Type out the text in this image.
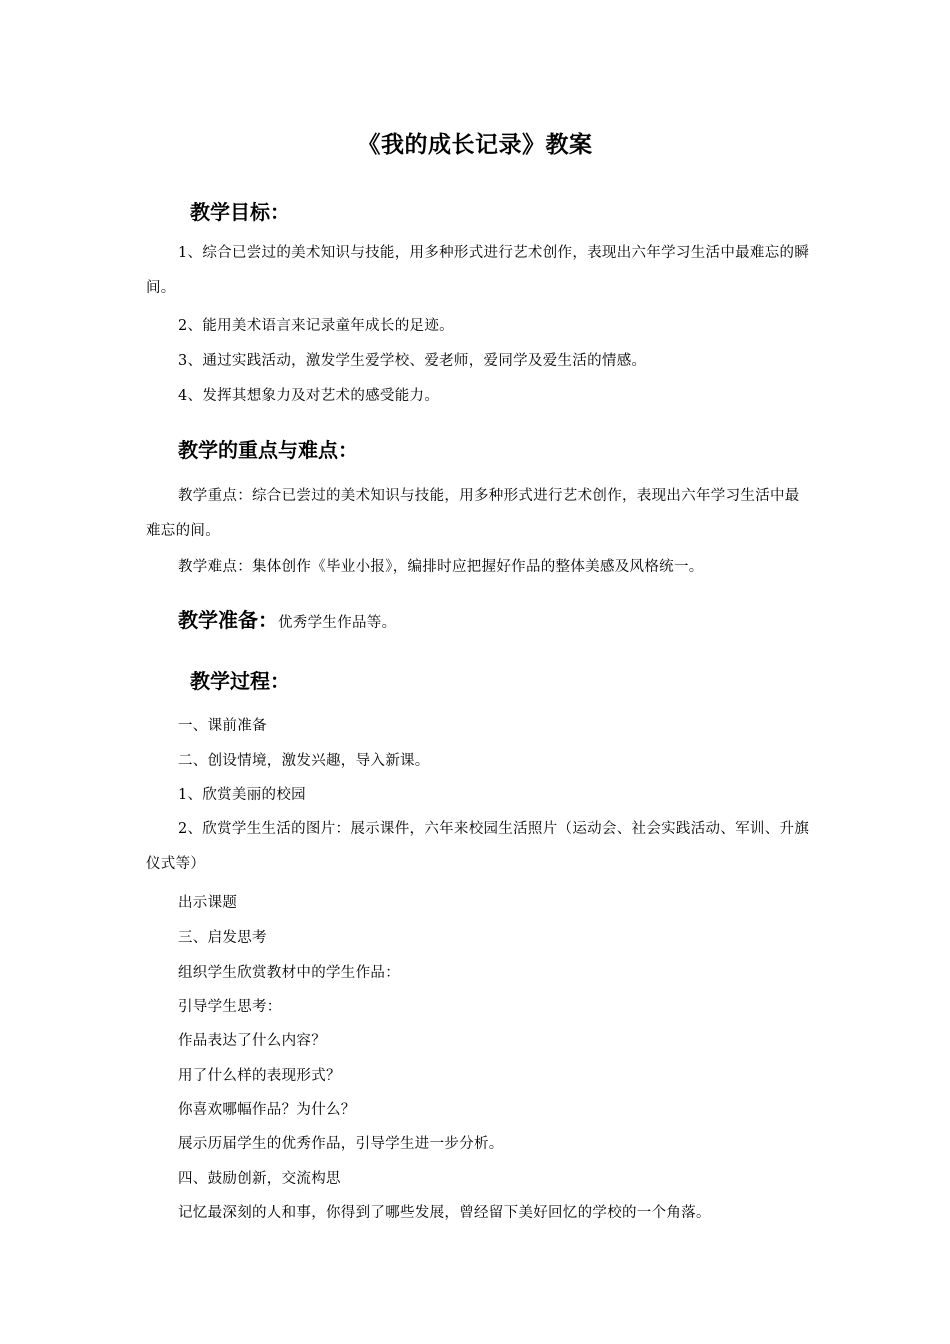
《我的成长记录》教案
教学目标：

1、综合已尝过的美术知识与技能，用多种形式进行艺术创作，表现出六年学习生活中最难忘的瞬间。

2、能用美术语言来记录童年成长的足迹。

3、通过实践活动，激发学生爱学校、爱老师，爱同学及爱生活的情感。

4、发挥其想象力及对艺术的感受能力。

教学的重点与难点：

教学重点：综合已尝过的美术知识与技能，用多种形式进行艺术创作，表现出六年学习生活中最难忘的间。

教学难点：集体创作《毕业小报》，编排时应把握好作品的整体美感及风格统一。

教学准备：优秀学生作品等。
教学过程：

一、课前准备

二、创设情境，激发兴趣，导入新课。

1、欣赏美丽的校园

2、欣赏学生生活的图片：展示课件，六年来校园生活照片（运动会、社会实践活动、军训、升旗仪式等）

出示课题

三、启发思考

组织学生欣赏教材中的学生作品：

引导学生思考：

作品表达了什么内容？

用了什么样的表现形式？

你喜欢哪幅作品？为什么？

展示历届学生的优秀作品，引导学生进一步分析。

四、鼓励创新，交流构思

记忆最深刻的人和事，你得到了哪些发展，曾经留下美好回忆的学校的一个角落。
